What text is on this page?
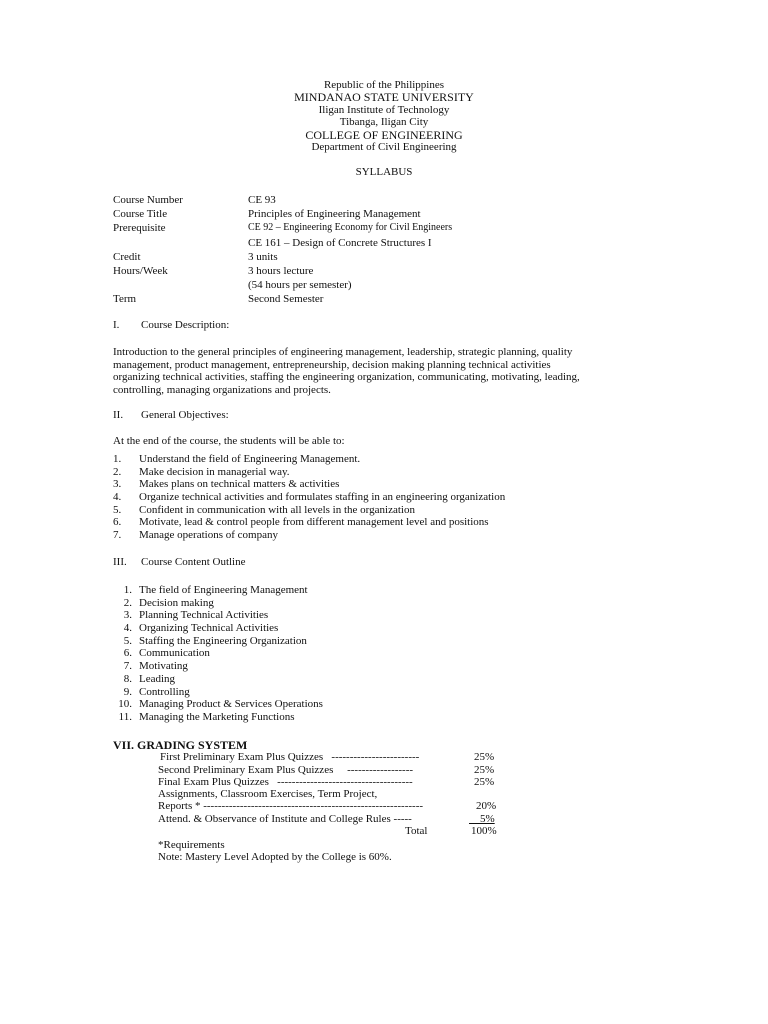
Republic of the Philippines
MINDANAO STATE UNIVERSITY
Iligan Institute of Technology
Tibanga, Iligan City
COLLEGE OF ENGINEERING
Department of Civil Engineering
SYLLABUS
Course Number	CE 93
Course Title	Principles of Engineering Management
Prerequisite	CE 92 – Engineering Economy for Civil Engineers
CE 161 – Design of Concrete Structures I
Credit	3 units
Hours/Week	3 hours lecture
(54 hours per semester)
Term	Second Semester
I. Course Description:
Introduction to the general principles of engineering management, leadership, strategic planning, quality
management, product management, entrepreneurship, decision making planning technical activities
organizing technical activities, staffing the engineering organization, communicating, motivating, leading,
controlling, managing organizations and projects.
II. General Objectives:
At the end of the course, the students will be able to:
1.	Understand the field of Engineering Management.
2.	Make decision in managerial way.
3.	Makes plans on technical matters & activities
4.	Organize technical activities and formulates staffing in an engineering organization
5.	Confident in communication with all levels in the organization
6.	Motivate, lead & control people from different management level and positions
7.	Manage operations of company
III. Course Content Outline
1. The field of Engineering Management
2. Decision making
3. Planning Technical Activities
4. Organizing Technical Activities
5. Staffing the Engineering Organization
6. Communication
7. Motivating
8. Leading
9. Controlling
10. Managing Product & Services Operations
11. Managing the Marketing Functions
VII. GRADING SYSTEM
First Preliminary Exam Plus Quizzes ------------------------	25%
Second Preliminary Exam Plus Quizzes ------------------	25%
Final Exam Plus Quizzes -------------------------------------	25%
Assignments, Classroom Exercises, Term Project,
Reports * ------------------------------------------------------------	20%
Attend. & Observance of Institute and College Rules -----	5%
Total	100%
*Requirements
Note: Mastery Level Adopted by the College is 60%.
